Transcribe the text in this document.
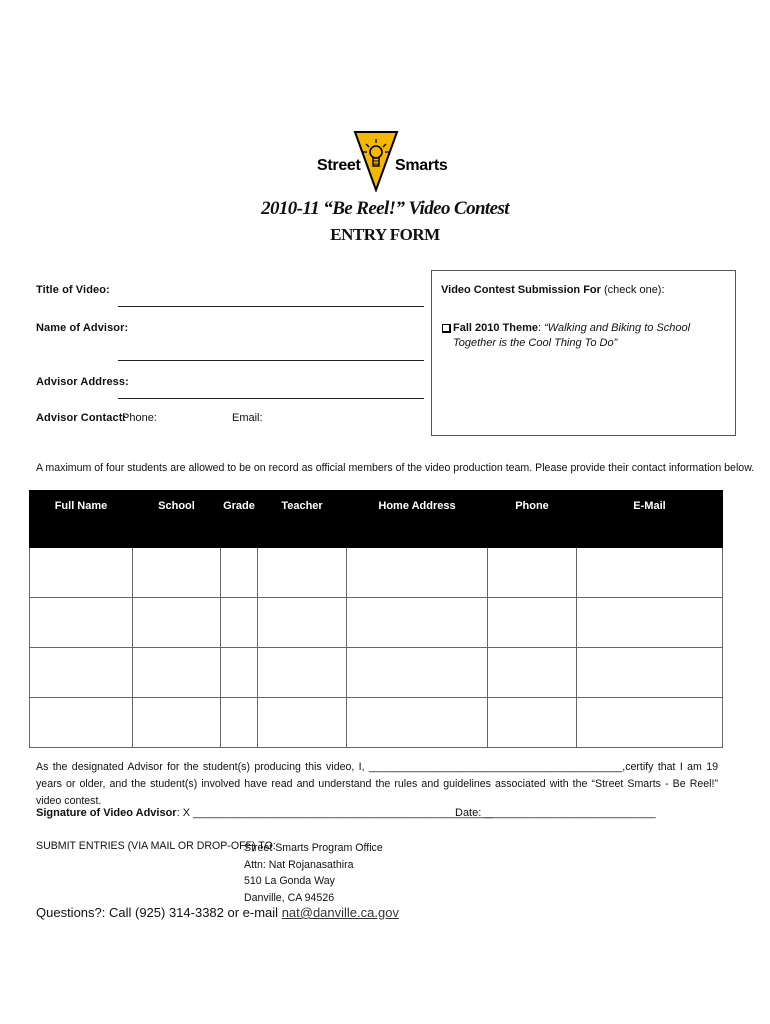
Street Smarts
2010-11 “Be Reel!” Video Contest
ENTRY FORM
Title of Video:
Name of Advisor:
Advisor Address:
Advisor Contact:
Phone:	Email:
Video Contest Submission For (check one):
Fall 2010 Theme: “Walking and Biking to School Together is the Cool Thing To Do”
A maximum of four students are allowed to be on record as official members of the video production team. Please provide their contact information below.
Full Name	School	Grade	Teacher	Home Address	Phone	E-Mail

As the designated Advisor for the student(s) producing this video, I, ___________________________________________,certify that I am 19 years or older, and the student(s) involved have read and understand the rules and guidelines associated with the “Street Smarts - Be Reel!” video contest.
Signature of Video Advisor: X _________________________________________________
Date: ____________________________
SUBMIT ENTRIES (VIA MAIL OR DROP-OFF) TO:
Street Smarts Program Office
Attn: Nat Rojanasathira
510 La Gonda Way
Danville, CA 94526
Questions?: Call (925) 314-3382 or e-mail nat@danville.ca.gov
